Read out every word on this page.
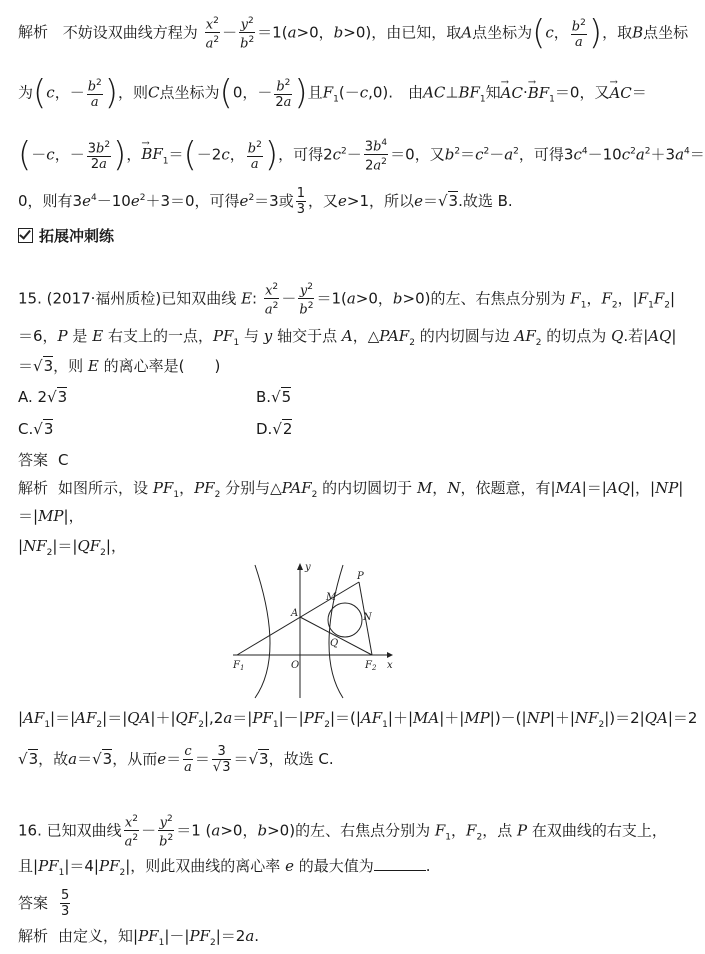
解析 不妨设双曲线方程为 $\frac{x^2}{a^2} - \frac{y^2}{b^2} =1(a>0$，b>0)，由已知，取A点坐标为(c， $\frac{b^2}{a}$ )，取B点坐标
为(c，－ $\frac{b^2}{a}$ )，则C点坐标为(0，－ $\frac{b^2}{2a}$ )且$F_1(-c,0)$.　由$AC\perp BF_1$知→ $AC\cdot\to BF_1=0$，又→ AC＝
(－c，－ $\frac{3b^2}{2a}$ )，→ $BF_1=(-2c$， $\frac{b^2}{a}$ )，可得$2c^2- \frac{3b^4}{2a^2} =0$，又$b^2=c^2-a^2$，可得$3c^4-10c^2a^2+3a^4=$
0，则有$3e^4-10e^2+3=0$，可得$e^2=3$或 $\frac{1}{3}$ ，又e>1，所以e＝√3.故选 B.
拓展冲刺练
15. (2017·福州质检)已知双曲线 E: $\frac{x^2}{a^2} - \frac{y^2}{b^2} =1(a>0$，b>0)的左、右焦点分别为 $F_1$，$F_2$，$|F_1F_2|$
＝6，P 是 E 右支上的一点，$PF_1$ 与 y 轴交于点 A，$\triangle PAF_2$ 的内切圆与边 $AF_2$ 的切点为 Q.若|AQ|
＝√3，则 E 的离心率是(　　)
A. 2√3	B.√5
C.√3	D.√2
答案 C
解析 如图所示，设 $PF_1$，$PF_2$ 分别与$\triangle PAF_2$ 的内切圆切于 M，N，依题意，有|MA|＝|AQ|，|NP|
＝|MP|，
$|NF_2|=|QF_2|$，
y
x
O
A
M
P
N
Q
$F_1$	$F_2$
$|AF_1|=|AF_2|=|QA|+|QF_2|,2a=|PF_1|-|PF_2|=(|AF_1|+|MA|+|MP|)-(|NP|+|NF_2|)=2|QA|=2$
√3，故a＝√3，从而$e= \frac{c}{a} = \frac{3}{√3} =√3$，故选 C.
16. 已知双曲线 $\frac{x^2}{a^2} - \frac{y^2}{b^2} =1$ (a>0，b>0)的左、右焦点分别为 $F_1$，$F_2$，点 P 在双曲线的右支上，
且$|PF_1|=4|PF_2|$，则此双曲线的离心率 e 的最大值为	.
答案 $\frac{5}{3}$
解析 由定义，知$|PF_1|-|PF_2|=2a$.
